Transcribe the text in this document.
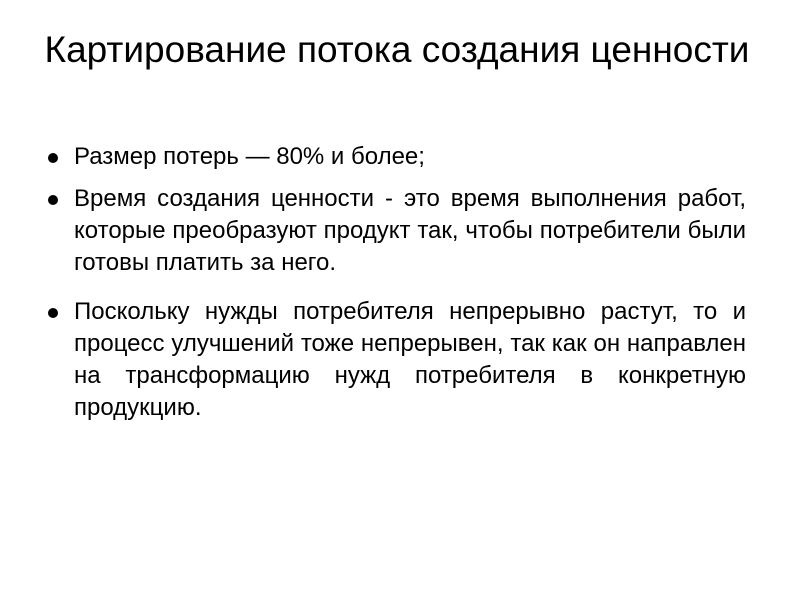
Картирование потока создания ценности
Размер потерь — 80% и более;
Время создания ценности - это время выполнения работ, которые преобразуют продукт так, чтобы потребители были готовы платить за него.
Поскольку нужды потребителя непрерывно растут, то и процесс улучшений тоже непрерывен, так как он направлен на трансформацию нужд потребителя в конкретную продукцию.
